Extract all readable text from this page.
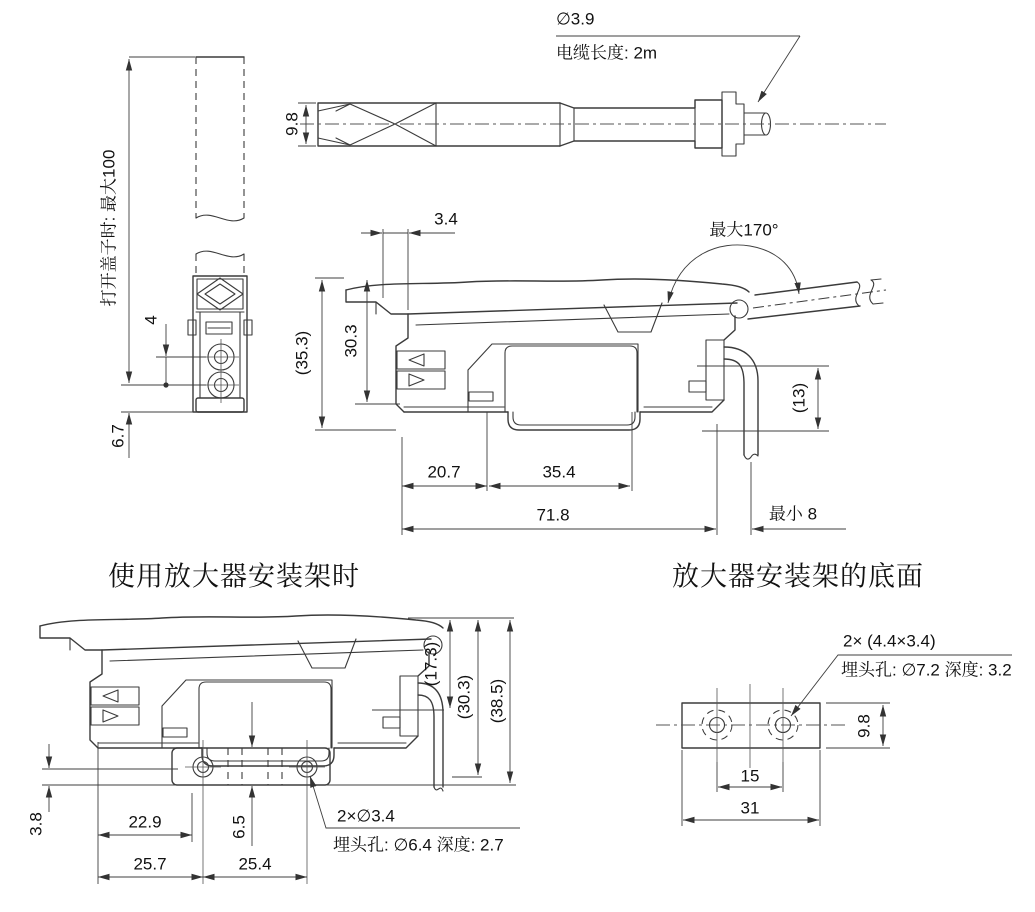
∅3.9
电缆长度: 2m
9.8
打开盖子时: 最大100
4
6.7
3.4
最大170°
(35.3) 30.3
(13)
20.7	35.4
71.8	最小 8
使用放大器安装架时
(17.3)
(30.3) (38.5)
3.8	22.9	6.5
25.7	25.4
2×∅3.4
埋头孔: ∅6.4 深度: 2.7
放大器安装架的底面
2× (4.4×3.4)
埋头孔: ∅7.2 深度: 3.2
9.8
15
31
